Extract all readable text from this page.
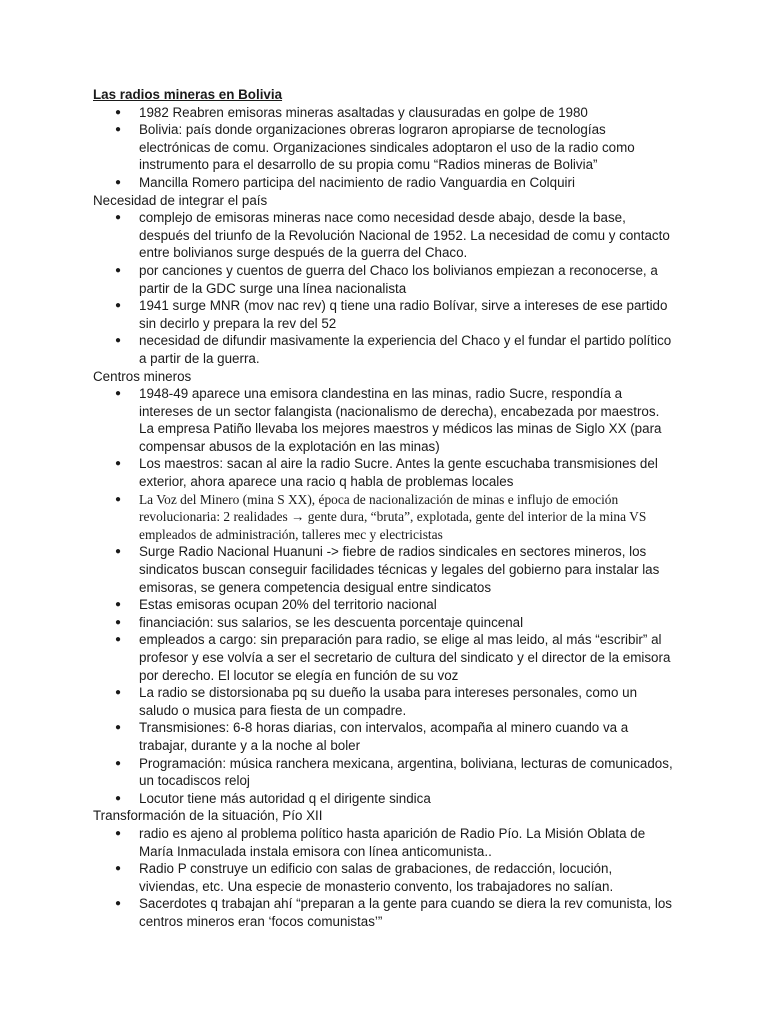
Las radios mineras en Bolivia
● 1982 Reabren emisoras mineras asaltadas y clausuradas en golpe de 1980
● Bolivia: país donde organizaciones obreras lograron apropiarse de tecnologías electrónicas de comu. Organizaciones sindicales adoptaron el uso de la radio como instrumento para el desarrollo de su propia comu “Radios mineras de Bolivia”
● Mancilla Romero participa del nacimiento de radio Vanguardia en Colquiri
Necesidad de integrar el país
● complejo de emisoras mineras nace como necesidad desde abajo, desde la base, después del triunfo de la Revolución Nacional de 1952. La necesidad de comu y contacto entre bolivianos surge después de la guerra del Chaco.
● por canciones y cuentos de guerra del Chaco los bolivianos empiezan a reconocerse, a partir de la GDC surge una línea nacionalista
● 1941 surge MNR (mov nac rev) q tiene una radio Bolívar, sirve a intereses de ese partido sin decirlo y prepara la rev del 52
● necesidad de difundir masivamente la experiencia del Chaco y el fundar el partido político a partir de la guerra.
Centros mineros
● 1948-49 aparece una emisora clandestina en las minas, radio Sucre, respondía a intereses de un sector falangista (nacionalismo de derecha), encabezada por maestros. La empresa Patiño llevaba los mejores maestros y médicos las minas de Siglo XX (para compensar abusos de la explotación en las minas)
● Los maestros: sacan al aire la radio Sucre. Antes la gente escuchaba transmisiones del exterior, ahora aparece una racio q habla de problemas locales
● La Voz del Minero (mina S XX), época de nacionalización de minas e influjo de emoción revolucionaria: 2 realidades → gente dura, “bruta”, explotada, gente del interior de la mina VS empleados de administración, talleres mec y electricistas
● Surge Radio Nacional Huanuni -> fiebre de radios sindicales en sectores mineros, los sindicatos buscan conseguir facilidades técnicas y legales del gobierno para instalar las emisoras, se genera competencia desigual entre sindicatos
● Estas emisoras ocupan 20% del territorio nacional
● financiación: sus salarios, se les descuenta porcentaje quincenal
● empleados a cargo: sin preparación para radio, se elige al mas leido, al más “escribir” al profesor y ese volvía a ser el secretario de cultura del sindicato y el director de la emisora por derecho. El locutor se elegía en función de su voz
● La radio se distorsionaba pq su dueño la usaba para intereses personales, como un saludo o musica para fiesta de un compadre.
● Transmisiones: 6-8 horas diarias, con intervalos, acompaña al minero cuando va a trabajar, durante y a la noche al boler
● Programación: música ranchera mexicana, argentina, boliviana, lecturas de comunicados, un tocadiscos reloj
● Locutor tiene más autoridad q el dirigente sindica
Transformación de la situación, Pío XII
● radio es ajeno al problema político hasta aparición de Radio Pío. La Misión Oblata de María Inmaculada instala emisora con línea anticomunista..
● Radio P construye un edificio con salas de grabaciones, de redacción, locución, viviendas, etc. Una especie de monasterio convento, los trabajadores no salían.
● Sacerdotes q trabajan ahí “preparan a la gente para cuando se diera la rev comunista, los centros mineros eran ‘focos comunistas’”
